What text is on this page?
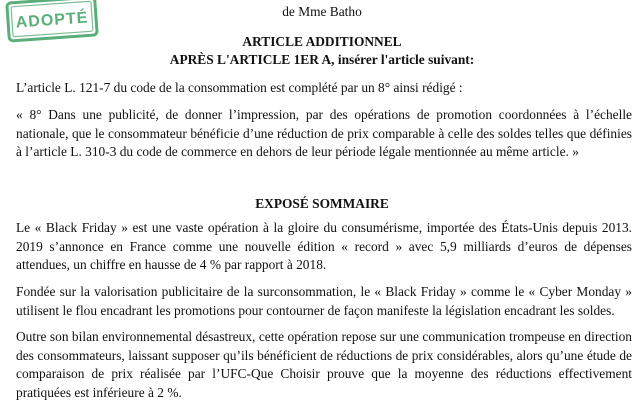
ADOPTÉ	de Mme Batho
ARTICLE ADDITIONNEL
APRÈS L'ARTICLE 1ER A, insérer l'article suivant:

L’article L. 121-7 du code de la consommation est complété par un 8° ainsi rédigé :

« 8° Dans une publicité, de donner l’impression, par des opérations de promotion coordonnées à l’échelle nationale, que le consommateur bénéficie d’une réduction de prix comparable à celle des soldes telles que définies à l’article L. 310-3 du code de commerce en dehors de leur période légale mentionnée au même article. »

EXPOSÉ SOMMAIRE

Le « Black Friday » est une vaste opération à la gloire du consumérisme, importée des États-Unis depuis 2013. 2019 s’annonce en France comme une nouvelle édition « record » avec 5,9 milliards d’euros de dépenses attendues, un chiffre en hausse de 4 % par rapport à 2018.

Fondée sur la valorisation publicitaire de la surconsommation, le « Black Friday » comme le « Cyber Monday » utilisent le flou encadrant les promotions pour contourner de façon manifeste la législation encadrant les soldes.

Outre son bilan environnemental désastreux, cette opération repose sur une communication trompeuse en direction des consommateurs, laissant supposer qu’ils bénéficient de réductions de prix considérables, alors qu’une étude de comparaison de prix réalisée par l’UFC-Que Choisir prouve que la moyenne des réductions effectivement pratiquées est inférieure à 2 %.
